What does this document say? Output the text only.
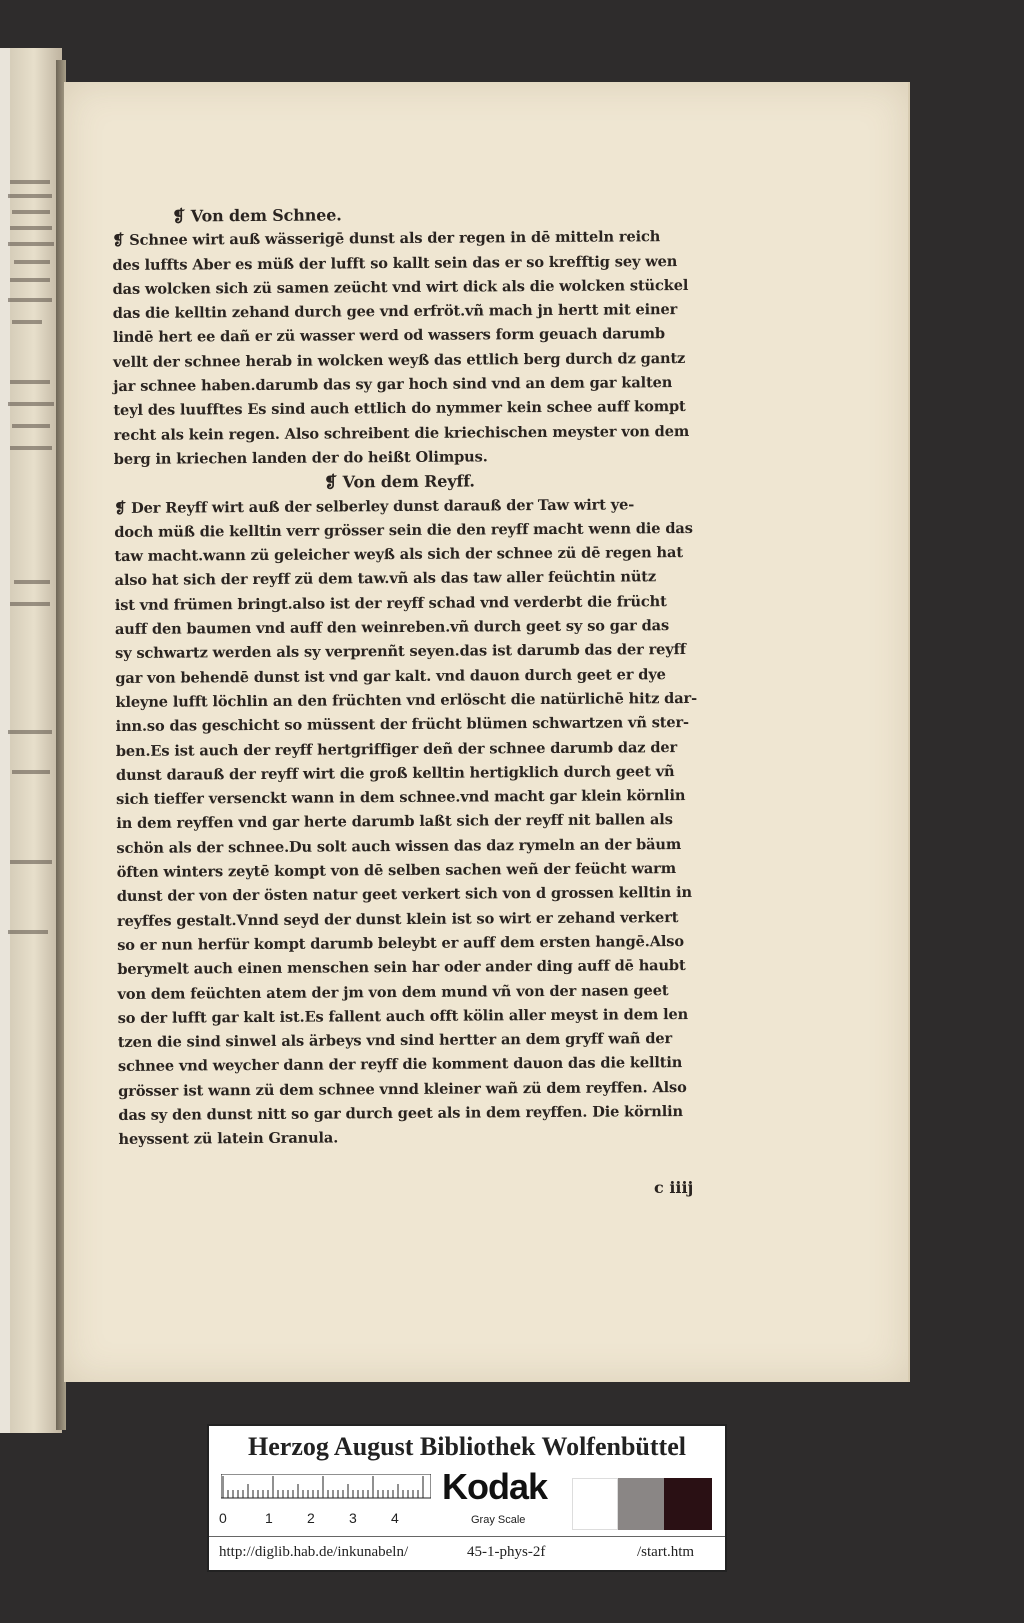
❡ Von dem Schnee.
❡ Schnee wirt auß wässerigē dunst als der regen in dē mitteln reich
des luffts Aber es müß der lufft so kallt sein das er so krefftig sey wen
das wolcken sich zü samen zeücht vnd wirt dick als die wolcken stückel
das die kelltin zehand durch gee vnd erfröt.vñ mach jn hertt mit einer
lindē hert ee dañ er zü wasser werd od wassers form geuach darumb
vellt der schnee herab in wolcken weyß das ettlich berg durch dz gantz
jar schnee haben.darumb das sy gar hoch sind vnd an dem gar kalten
teyl des luufftes Es sind auch ettlich do nymmer kein schee auff kompt
recht als kein regen. Also schreibent die kriechischen meyster von dem
berg in kriechen landen der do heißt Olimpus.
❡ Von dem Reyff.
❡ Der Reyff wirt auß der selberley dunst darauß der Taw wirt ye-
doch müß die kelltin verr grösser sein die den reyff macht wenn die das
taw macht.wann zü geleicher weyß als sich der schnee zü dē regen hat
also hat sich der reyff zü dem taw.vñ als das taw aller feüchtin nütz
ist vnd frümen bringt.also ist der reyff schad vnd verderbt die frücht
auff den baumen vnd auff den weinreben.vñ durch geet sy so gar das
sy schwartz werden als sy verprenñt seyen.das ist darumb das der reyff
gar von behendē dunst ist vnd gar kalt. vnd dauon durch geet er dye
kleyne lufft löchlin an den früchten vnd erlöscht die natürlichē hitz dar-
inn.so das geschicht so müssent der frücht blümen schwartzen vñ ster-
ben.Es ist auch der reyff hertgriffiger deñ der schnee darumb daz der
dunst darauß der reyff wirt die groß kelltin hertigklich durch geet vñ
sich tieffer versenckt wann in dem schnee.vnd macht gar klein körnlin
in dem reyffen vnd gar herte darumb laßt sich der reyff nit ballen als
schön als der schnee.Du solt auch wissen das daz rymeln an der bäum
öften winters zeytē kompt von dē selben sachen weñ der feücht warm
dunst der von der östen natur geet verkert sich von d grossen kelltin in
reyffes gestalt.Vnnd seyd der dunst klein ist so wirt er zehand verkert
so er nun herfür kompt darumb beleybt er auff dem ersten hangē.Also
berymelt auch einen menschen sein har oder ander ding auff dē haubt
von dem feüchten atem der jm von dem mund vñ von der nasen geet
so der lufft gar kalt ist.Es fallent auch offt kölin aller meyst in dem len
tzen die sind sinwel als ärbeys vnd sind hertter an dem gryff wañ der
schnee vnd weycher dann der reyff die komment dauon das die kelltin
grösser ist wann zü dem schnee vnnd kleiner wañ zü dem reyffen. Also
das sy den dunst nitt so gar durch geet als in dem reyffen. Die körnlin
heyssent zü latein Granula.
c iiij
Herzog August Bibliothek Wolfenbüttel
0	1 2 3 4
Kodak
Gray Scale
http://diglib.hab.de/inkunabeln/	45-1-phys-2f	/start.htm
